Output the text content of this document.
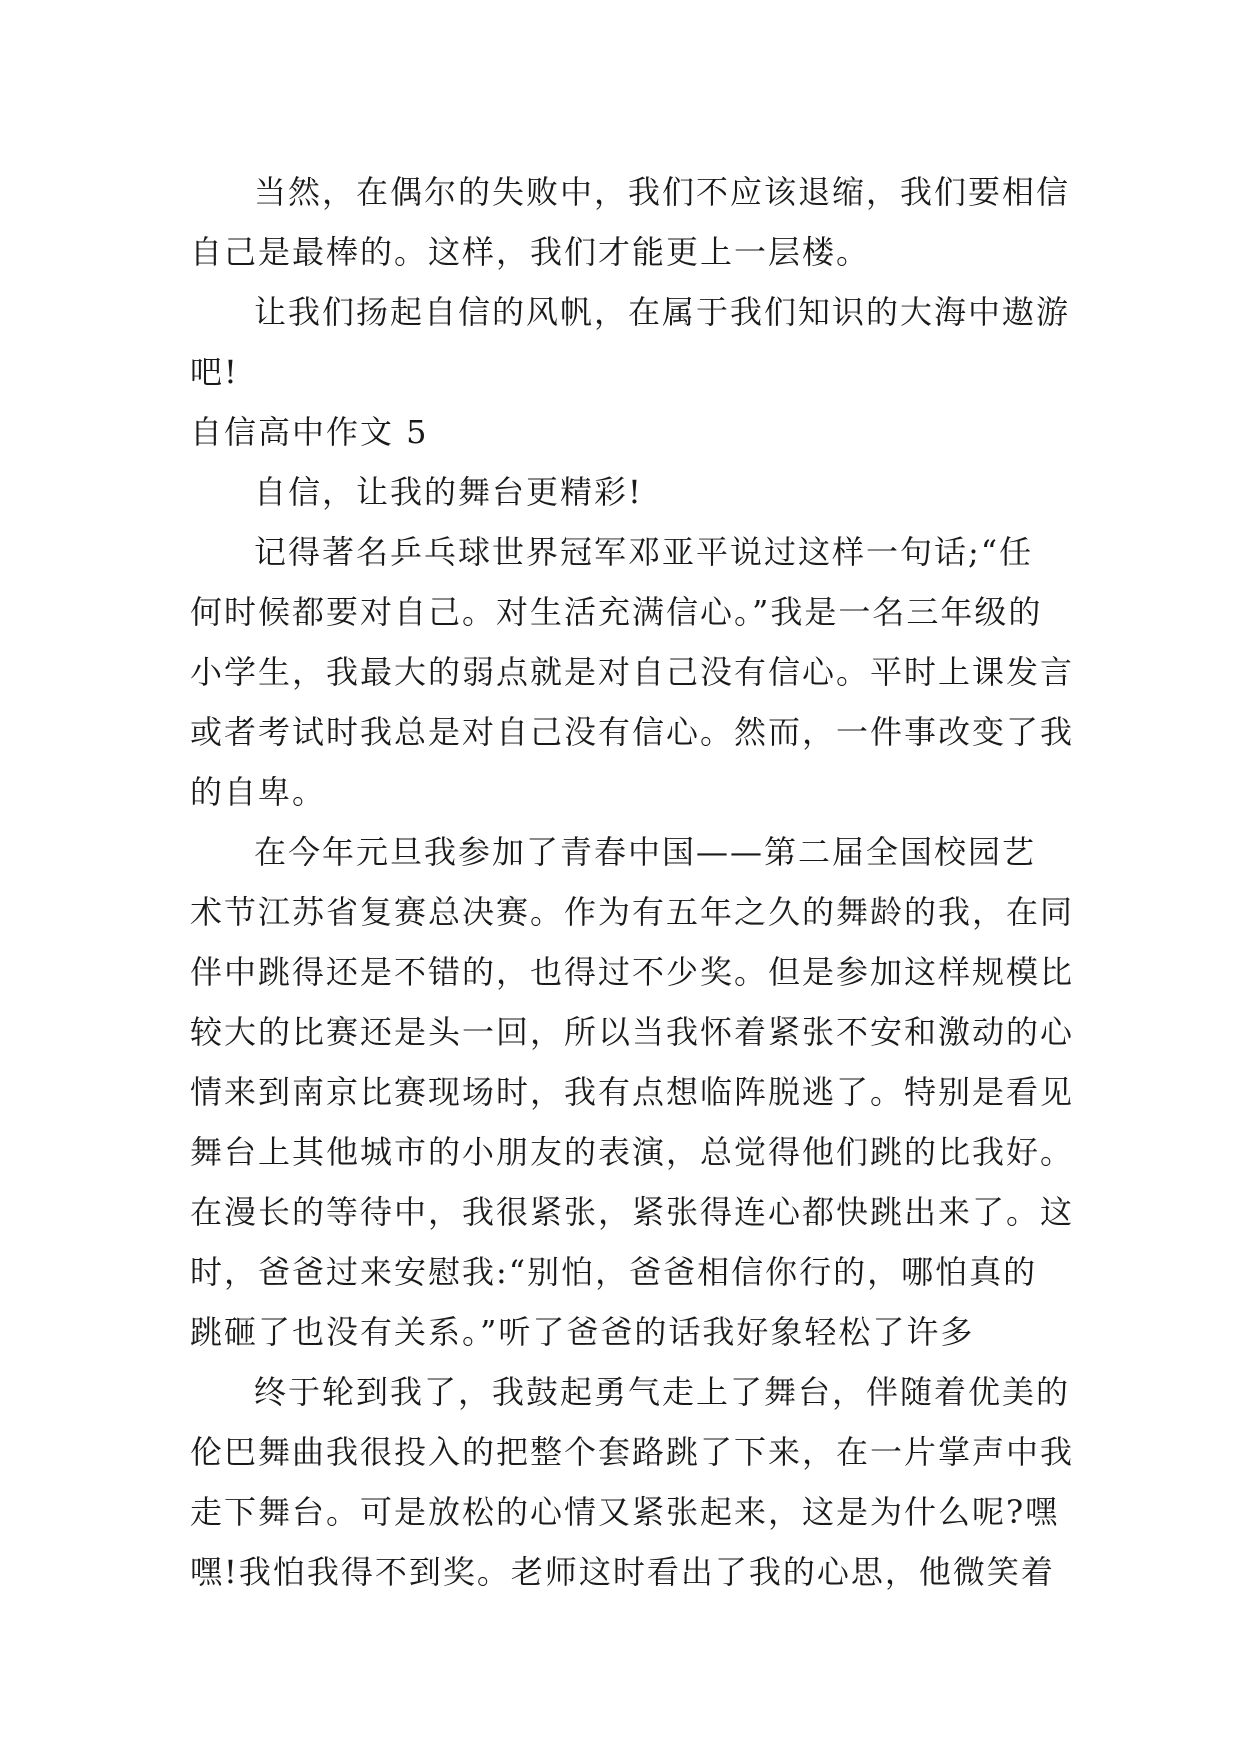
当然，在偶尔的失败中，我们不应该退缩，我们要相信
自己是最棒的。这样，我们才能更上一层楼。
让我们扬起自信的风帆，在属于我们知识的大海中遨游
吧!
自信高中作文 5
自信，让我的舞台更精彩!
记得著名乒乓球世界冠军邓亚平说过这样一句话;“任
何时候都要对自己。对生活充满信心。”我是一名三年级的
小学生，我最大的弱点就是对自己没有信心。平时上课发言
或者考试时我总是对自己没有信心。然而，一件事改变了我
的自卑。
在今年元旦我参加了青春中国——第二届全国校园艺
术节江苏省复赛总决赛。作为有五年之久的舞龄的我，在同
伴中跳得还是不错的，也得过不少奖。但是参加这样规模比
较大的比赛还是头一回，所以当我怀着紧张不安和激动的心
情来到南京比赛现场时，我有点想临阵脱逃了。特别是看见
舞台上其他城市的小朋友的表演，总觉得他们跳的比我好。
在漫长的等待中，我很紧张，紧张得连心都快跳出来了。这
时，爸爸过来安慰我:“别怕，爸爸相信你行的，哪怕真的
跳砸了也没有关系。”听了爸爸的话我好象轻松了许多
终于轮到我了，我鼓起勇气走上了舞台，伴随着优美的
伦巴舞曲我很投入的把整个套路跳了下来，在一片掌声中我
走下舞台。可是放松的心情又紧张起来，这是为什么呢?嘿
嘿!我怕我得不到奖。老师这时看出了我的心思，他微笑着
